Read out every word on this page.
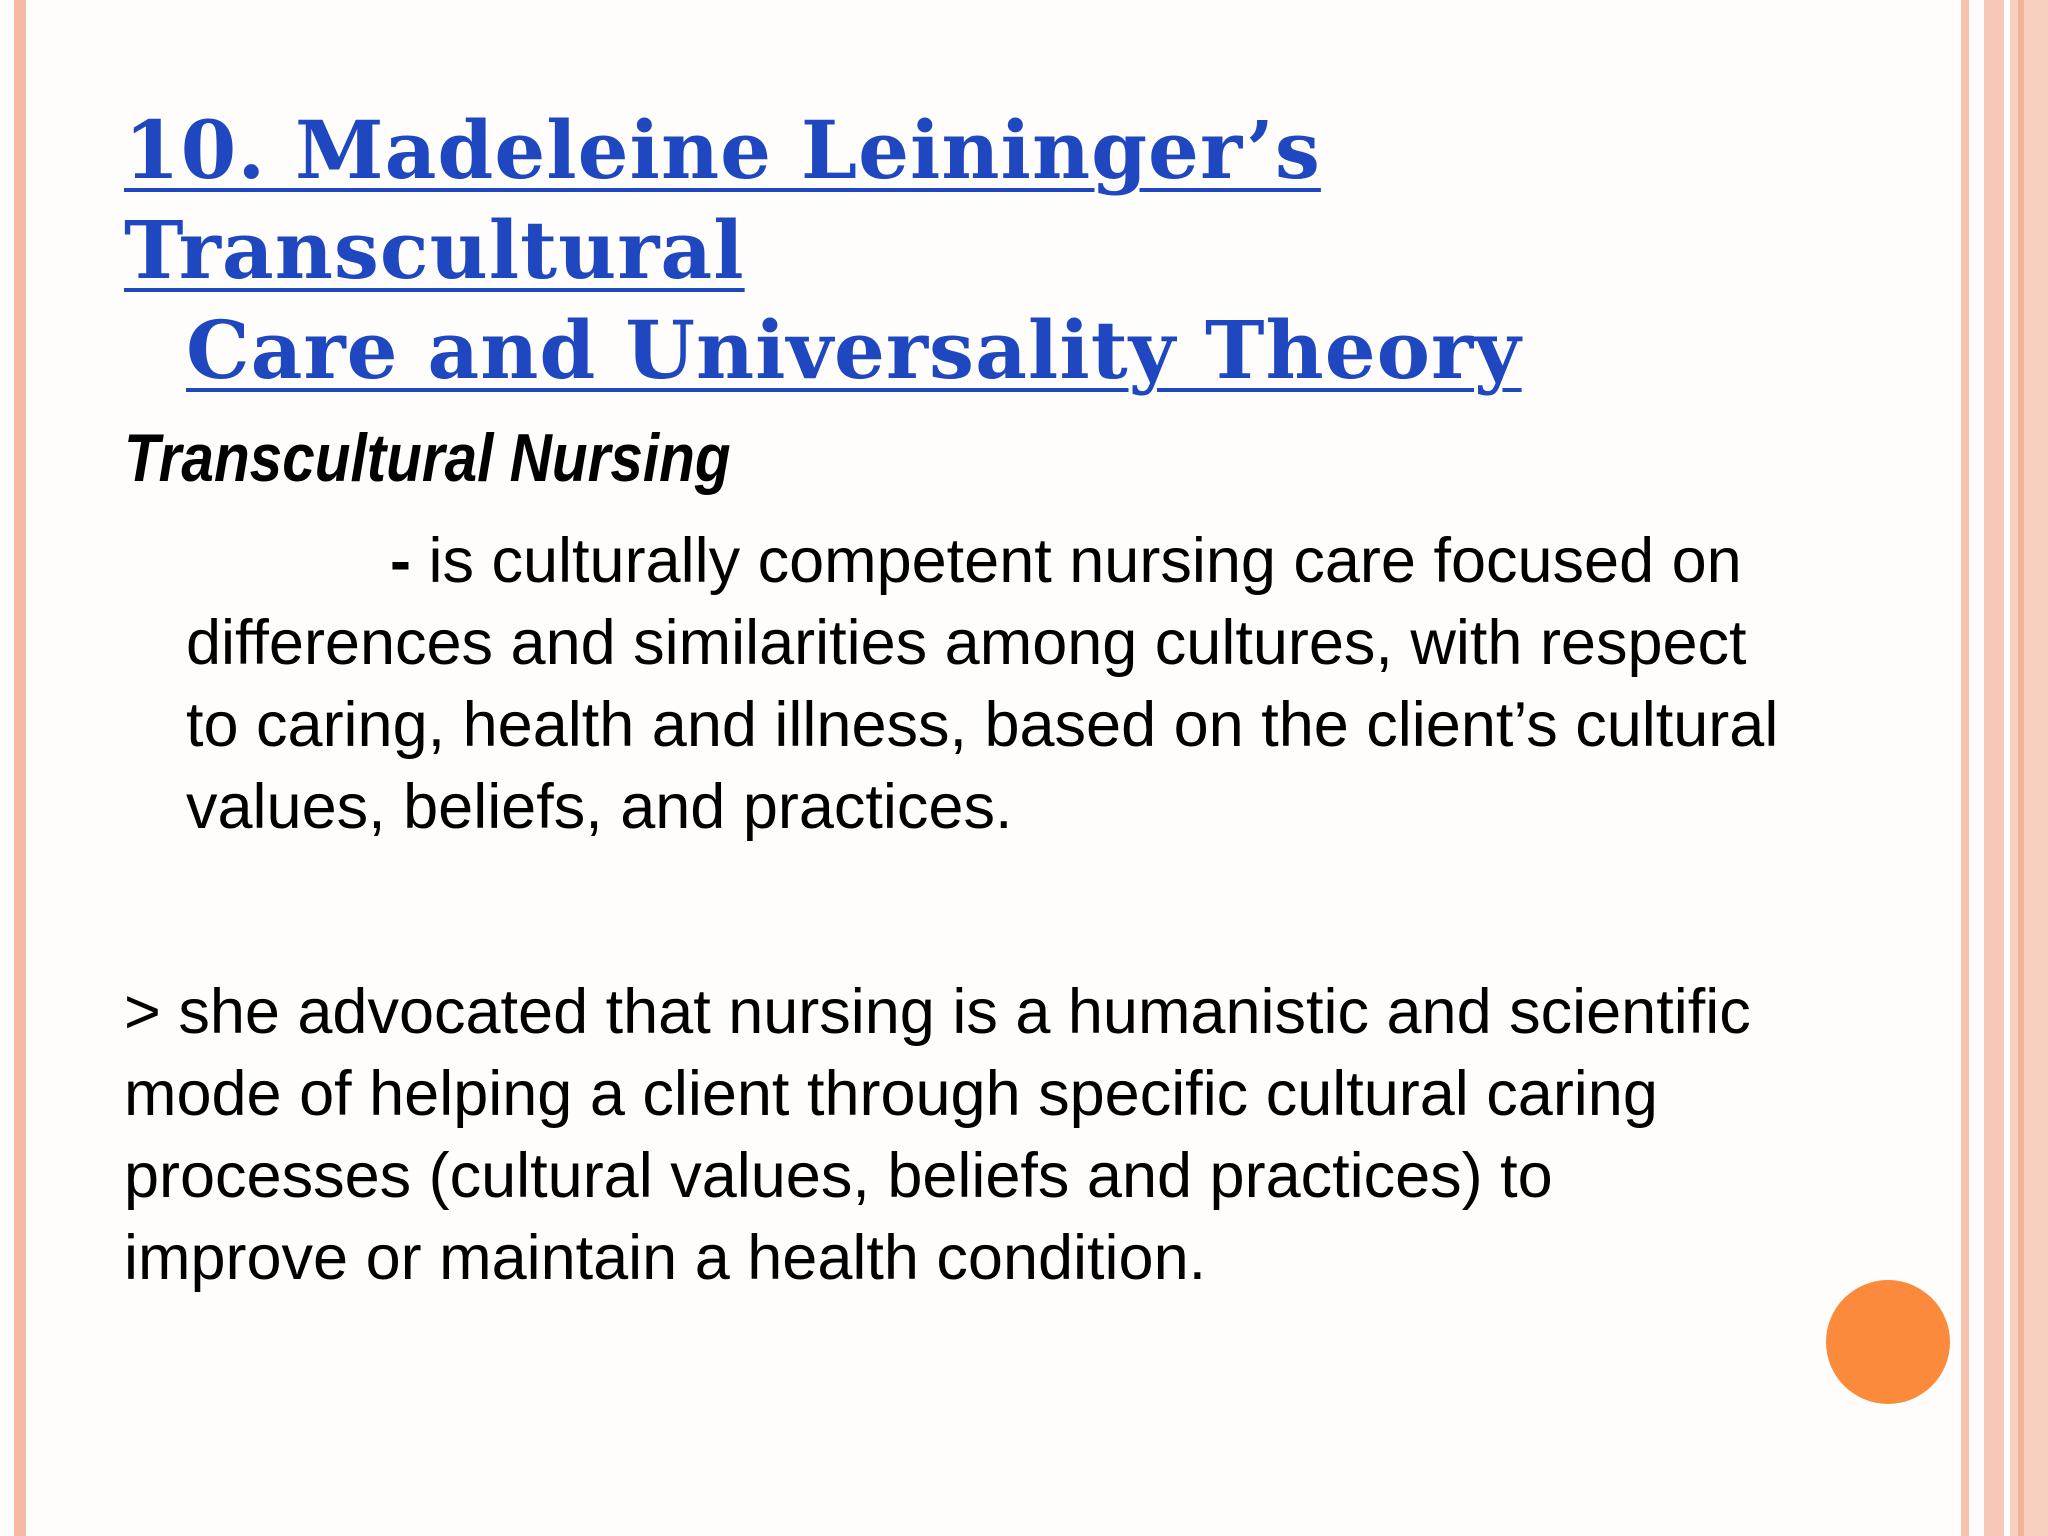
10. Madeleine Leininger’s Transcultural
Care and Universality Theory
Transcultural Nursing

- is culturally competent nursing care focused on
differences and similarities among cultures, with respect
to caring, health and illness, based on the client’s cultural
values, beliefs, and practices.

> she advocated that nursing is a humanistic and scientific
mode of helping a client through specific cultural caring
processes (cultural values, beliefs and practices) to
improve or maintain a health condition.
